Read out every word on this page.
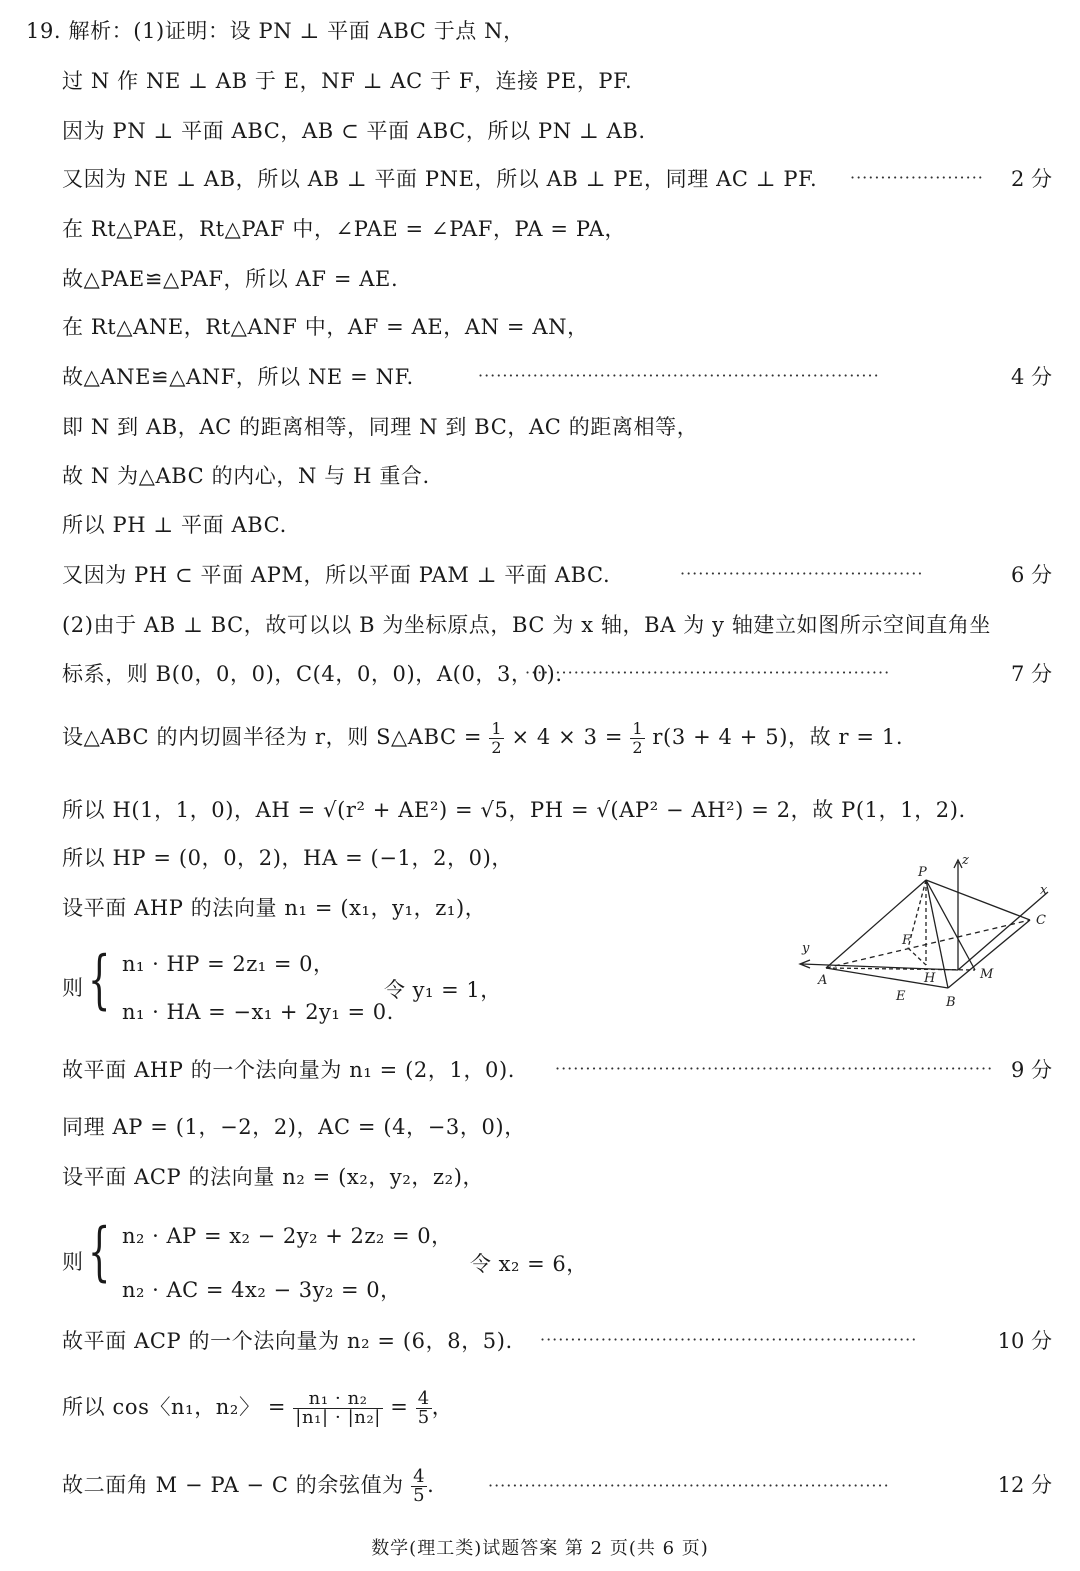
19. 解析：(1)证明：设 PN ⊥ 平面 ABC 于点 N，
过 N 作 NE ⊥ AB 于 E，NF ⊥ AC 于 F，连接 PE，PF.
因为 PN ⊥ 平面 ABC，AB ⊂ 平面 ABC，所以 PN ⊥ AB.
又因为 NE ⊥ AB，所以 AB ⊥ 平面 PNE，所以 AB ⊥ PE，同理 AC ⊥ PF.	······················	2 分
在 Rt△PAE，Rt△PAF 中，∠PAE = ∠PAF，PA = PA，
故△PAE≌△PAF，所以 AF = AE.
在 Rt△ANE，Rt△ANF 中，AF = AE，AN = AN，
故△ANE≌△ANF，所以 NE = NF.	··································································	4 分
即 N 到 AB，AC 的距离相等，同理 N 到 BC，AC 的距离相等，
故 N 为△ABC 的内心，N 与 H 重合.
所以 PH ⊥ 平面 ABC.
又因为 PH ⊂ 平面 APM，所以平面 PAM ⊥ 平面 ABC.	········································	6 分
(2)由于 AB ⊥ BC，故可以以 B 为坐标原点，BC 为 x 轴，BA 为 y 轴建立如图所示空间直角坐
标系，则 B(0，0，0)，C(4，0，0)，A(0，3，0).
····························································	7 分
设△ABC 的内切圆半径为 r，则 S△ABC = $\frac{1}{2} \times 4 \times 3 = \frac{1}{2} r(3 + 4 + 5)$，故 r = 1.
所以 H(1，1，0)，AH = √(r² + AE²) = √5，PH = √(AP² − AH²) = 2，故 P(1，1，2).
所以 HP = (0，0，2)，HA = (−1，2，0)，
设平面 AHP 的法向量 n₁ = (x₁，y₁，z₁)，
则 { n₁ · HP = 2z₁ = 0，
n₁ · HA = −x₁ + 2y₁ = 0.
令 y₁ = 1，
故平面 AHP 的一个法向量为 n₁ = (2，1，0).	········································································ 9 分
同理 AP = (1，−2，2)，AC = (4，−3，0)，
设平面 ACP 的法向量 n₂ = (x₂，y₂，z₂)，
则 { n₂ · AP = x₂ − 2y₂ + 2z₂ = 0，
n₂ · AC = 4x₂ − 3y₂ = 0，
令 x₂ = 6，
故平面 ACP 的一个法向量为 n₂ = (6，8，5).	······························································	10 分
所以 cos〈n₁，n₂〉 = $\frac{\text{n₁ · n₂}}{\text{|n₁| · |n₂|}} = \frac{4}{5}$ ，
故二面角 M − PA − C 的余弦值为 $\frac{4}{5}$ .	··································································	12 分
P
z
x
C
y
F
M
A	H
E	B
数学(理工类)试题答案 第 2 页(共 6 页)
